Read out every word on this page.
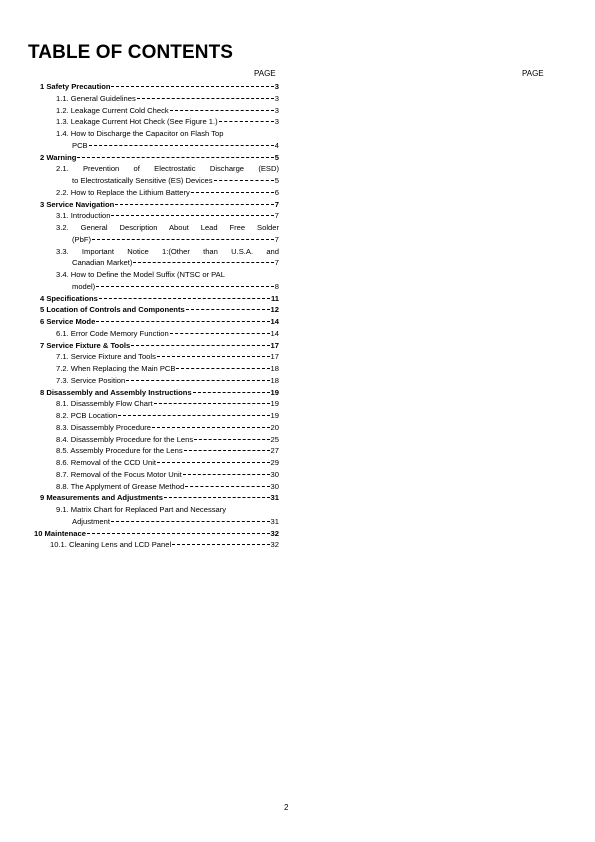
TABLE OF CONTENTS
PAGE	PAGE
1 Safety Precaution	3
1.1. General Guidelines	3
1.2. Leakage Current Cold Check	3
1.3. Leakage Current Hot Check (See Figure 1.)	3
1.4. How to Discharge the Capacitor on Flash Top
PCB	4
2 Warning	5
2.1. Prevention of Electrostatic Discharge (ESD)
to Electrostatically Sensitive (ES) Devices	5
2.2. How to Replace the Lithium Battery	6
3 Service Navigation	7
3.1. Introduction	7
3.2. General Description About Lead Free Solder
(PbF)	7
3.3. Important Notice 1:(Other than U.S.A. and
Canadian Market)	7
3.4. How to Define the Model Suffix (NTSC or PAL
model)	8
4 Specifications	11
5 Location of Controls and Components	12
6 Service Mode	14
6.1. Error Code Memory Function	14
7 Service Fixture & Tools	17
7.1. Service Fixture and Tools	17
7.2. When Replacing the Main PCB	18
7.3. Service Position	18
8 Disassembly and Assembly Instructions	19
8.1. Disassembly Flow Chart	19
8.2. PCB Location	19
8.3. Disassembly Procedure	20
8.4. Disassembly Procedure for the Lens	25
8.5. Assembly Procedure for the Lens	27
8.6. Removal of the CCD Unit	29
8.7. Removal of the Focus Motor Unit	30
8.8. The Applyment of Grease Method	30
9 Measurements and Adjustments	31
9.1. Matrix Chart for Replaced Part and Necessary
Adjustment	31
10 Maintenace	32
10.1. Cleaning Lens and LCD Panel	32
2
